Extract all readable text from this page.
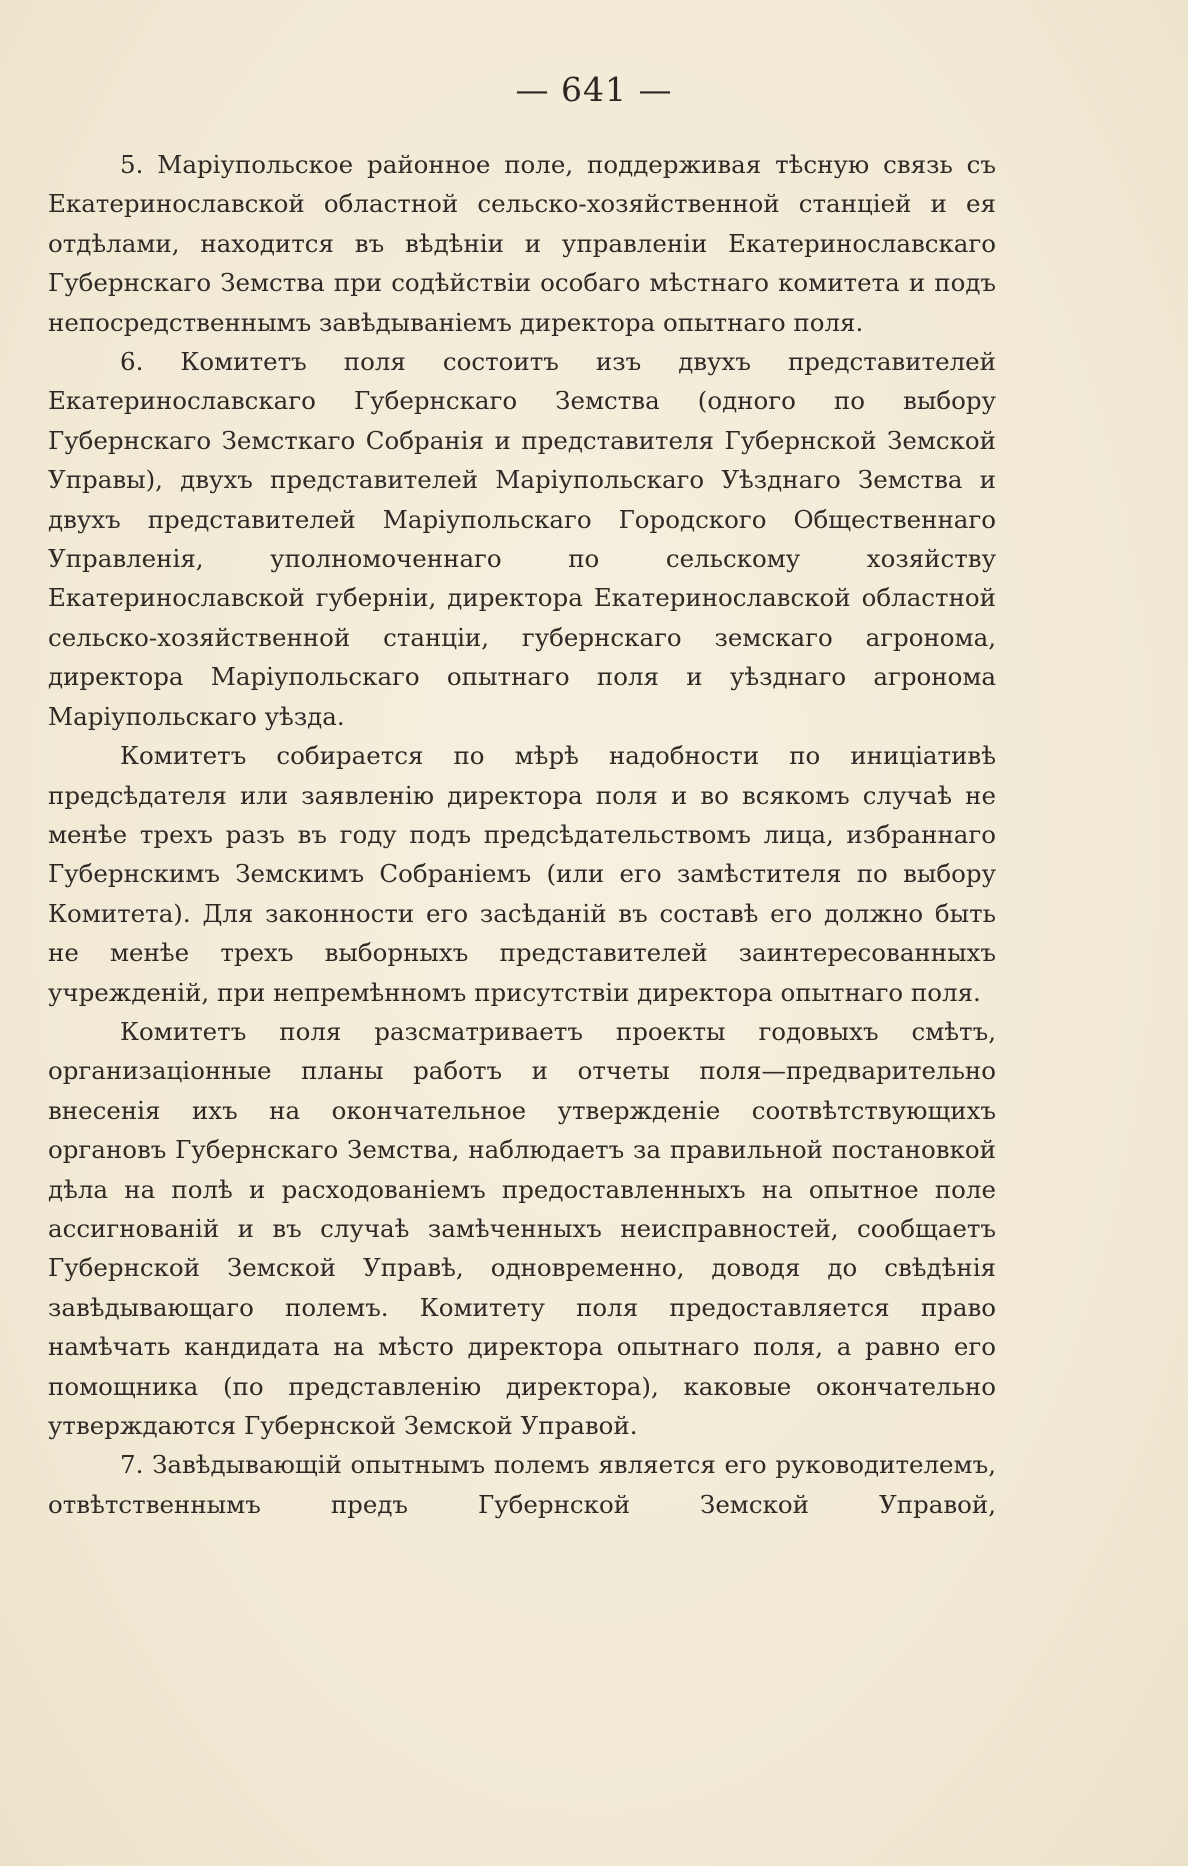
— 641 —

5. Маріупольское районное поле, поддерживая тѣсную связь съ Екатеринославской областной сельско-хозяйственной станціей и ея отдѣлами, находится въ вѣдѣніи и управленіи Екатеринославскаго Губернскаго Земства при содѣйствіи особаго мѣстнаго комитета и подъ непосредственнымъ завѣдываніемъ директора опытнаго поля.

6. Комитетъ поля состоитъ изъ двухъ представителей Екатеринославскаго Губернскаго Земства (одного по выбору Губернскаго Земсткаго Собранія и представителя Губернской Земской Управы), двухъ представителей Маріупольскаго Уѣзднаго Земства и двухъ представителей Маріупольскаго Городского Общественнаго Управленія, уполномоченнаго по сельскому хозяйству Екатеринославской губерніи, директора Екатеринославской областной сельско-хозяйственной станціи, губернскаго земскаго агронома, директора Маріупольскаго опытнаго поля и уѣзднаго агронома Маріупольскаго уѣзда.

Комитетъ собирается по мѣрѣ надобности по иниціативѣ предсѣдателя или заявленію директора поля и во всякомъ случаѣ не менѣе трехъ разъ въ году подъ предсѣдательствомъ лица, избраннаго Губернскимъ Земскимъ Собраніемъ (или его замѣстителя по выбору Комитета). Для законности его засѣданій въ составѣ его должно быть не менѣе трехъ выборныхъ представителей заинтересованныхъ учрежденій, при непремѣнномъ присутствіи директора опытнаго поля.

Комитетъ поля разсматриваетъ проекты годовыхъ смѣтъ, организаціонные планы работъ и отчеты поля—предварительно внесенія ихъ на окончательное утвержденіе соотвѣтствующихъ органовъ Губернскаго Земства, наблюдаетъ за правильной постановкой дѣла на полѣ и расходованіемъ предоставленныхъ на опытное поле ассигнованій и въ случаѣ замѣченныхъ неисправностей, сообщаетъ Губернской Земской Управѣ, одновременно, доводя до свѣдѣнія завѣдывающаго полемъ. Комитету поля предоставляется право намѣчать кандидата на мѣсто директора опытнаго поля, а равно его помощника (по представленію директора), каковые окончательно утверждаются Губернской Земской Управой.

7. Завѣдывающій опытнымъ полемъ является его руководителемъ, отвѣтственнымъ предъ Губернской Земской Управой,
